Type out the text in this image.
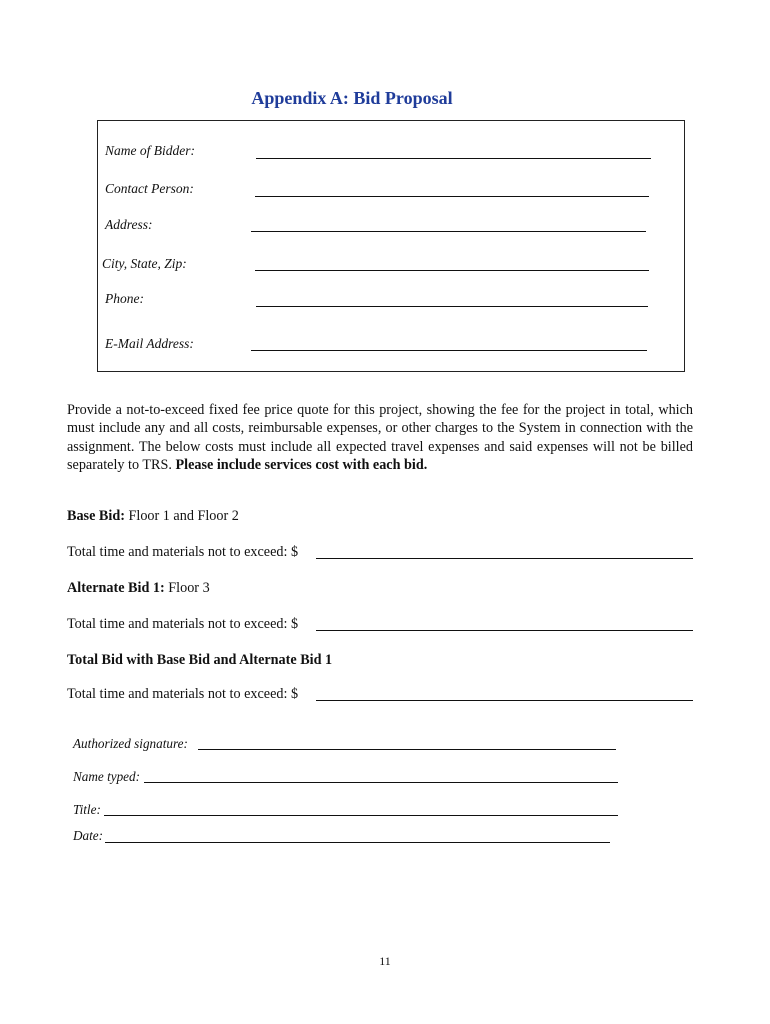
Appendix A: Bid Proposal
Name of Bidder:
Contact Person:
Address:
City, State, Zip:
Phone:
E-Mail Address:
Provide a not-to-exceed fixed fee price quote for this project, showing the fee for the project in total, which must include any and all costs, reimbursable expenses, or other charges to the System in connection with the assignment. The below costs must include all expected travel expenses and said expenses will not be billed separately to TRS. Please include services cost with each bid.
Base Bid: Floor 1 and Floor 2
Total time and materials not to exceed: $
Alternate Bid 1: Floor 3
Total time and materials not to exceed: $
Total Bid with Base Bid and Alternate Bid 1
Total time and materials not to exceed: $
Authorized signature:
Name typed:
Title:
Date:
11
